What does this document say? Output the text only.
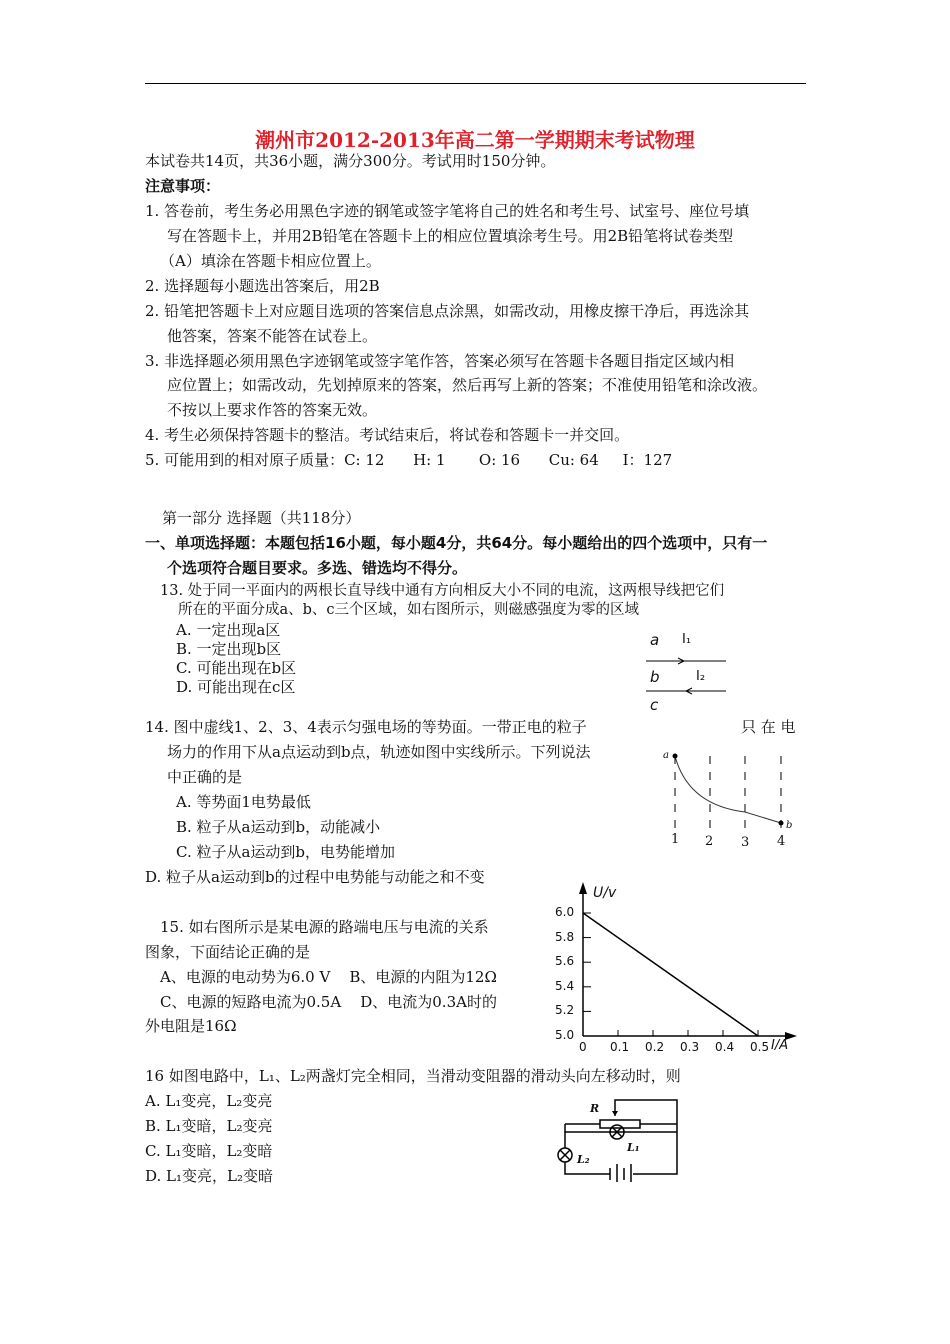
潮州市2012-2013年高二第一学期期末考试物理
本试卷共14页，共36小题，满分300分。考试用时150分钟。
注意事项：
1. 答卷前，考生务必用黑色字迹的钢笔或签字笔将自己的姓名和考生号、试室号、座位号填
写在答题卡上，并用2B铅笔在答题卡上的相应位置填涂考生号。用2B铅笔将试卷类型
（A）填涂在答题卡相应位置上。
2. 选择题每小题选出答案后，用2B
2. 铅笔把答题卡上对应题目选项的答案信息点涂黑，如需改动，用橡皮擦干净后，再选涂其
他答案，答案不能答在试卷上。
3. 非选择题必须用黑色字迹钢笔或签字笔作答，答案必须写在答题卡各题目指定区域内相
应位置上；如需改动，先划掉原来的答案，然后再写上新的答案；不准使用铅笔和涂改液。
不按以上要求作答的答案无效。
4. 考生必须保持答题卡的整洁。考试结束后，将试卷和答题卡一并交回。
5. 可能用到的相对原子质量：C: 12      H: 1       O: 16      Cu: 64     I：127
第一部分 选择题（共118分）
一、单项选择题：本题包括16小题，每小题4分，共64分。每小题给出的四个选项中，只有一
个选项符合题目要求。多选、错选均不得分。
13. 处于同一平面内的两根长直导线中通有方向相反大小不同的电流，这两根导线把它们
所在的平面分成a、b、c三个区域，如右图所示，则磁感强度为零的区域
A. 一定出现a区
B. 一定出现b区
C. 可能出现在b区
D. 可能出现在c区
a I₁
b	I₂
c
14. 图中虚线1、2、3、4表示匀强电场的等势面。一带正电的粒子	只 在 电
场力的作用下从a点运动到b点，轨迹如图中实线所示。下列说法
中正确的是
A. 等势面1电势最低
B. 粒子从a运动到b，动能减小
C. 粒子从a运动到b，电势能增加
D. 粒子从a运动到b的过程中电势能与动能之和不变
a
b
1 2 3 4
15. 如右图所示是某电源的路端电压与电流的关系
图象，下面结论正确的是
A、电源的电动势为6.0 V    B、电源的内阻为12Ω
C、电源的短路电流为0.5A    D、电流为0.3A时的
外电阻是16Ω
U/v
I/A
5.0
5.2
5.4
5.6
5.8
6.0
0 0.1 0.2 0.3 0.4 0.5
16 如图电路中，L₁、L₂两盏灯完全相同，当滑动变阻器的滑动头向左移动时，则
A. L₁变亮，L₂变亮
B. L₁变暗，L₂变亮
C. L₁变暗，L₂变暗
D. L₁变亮，L₂变暗
R
L₁
L₂
